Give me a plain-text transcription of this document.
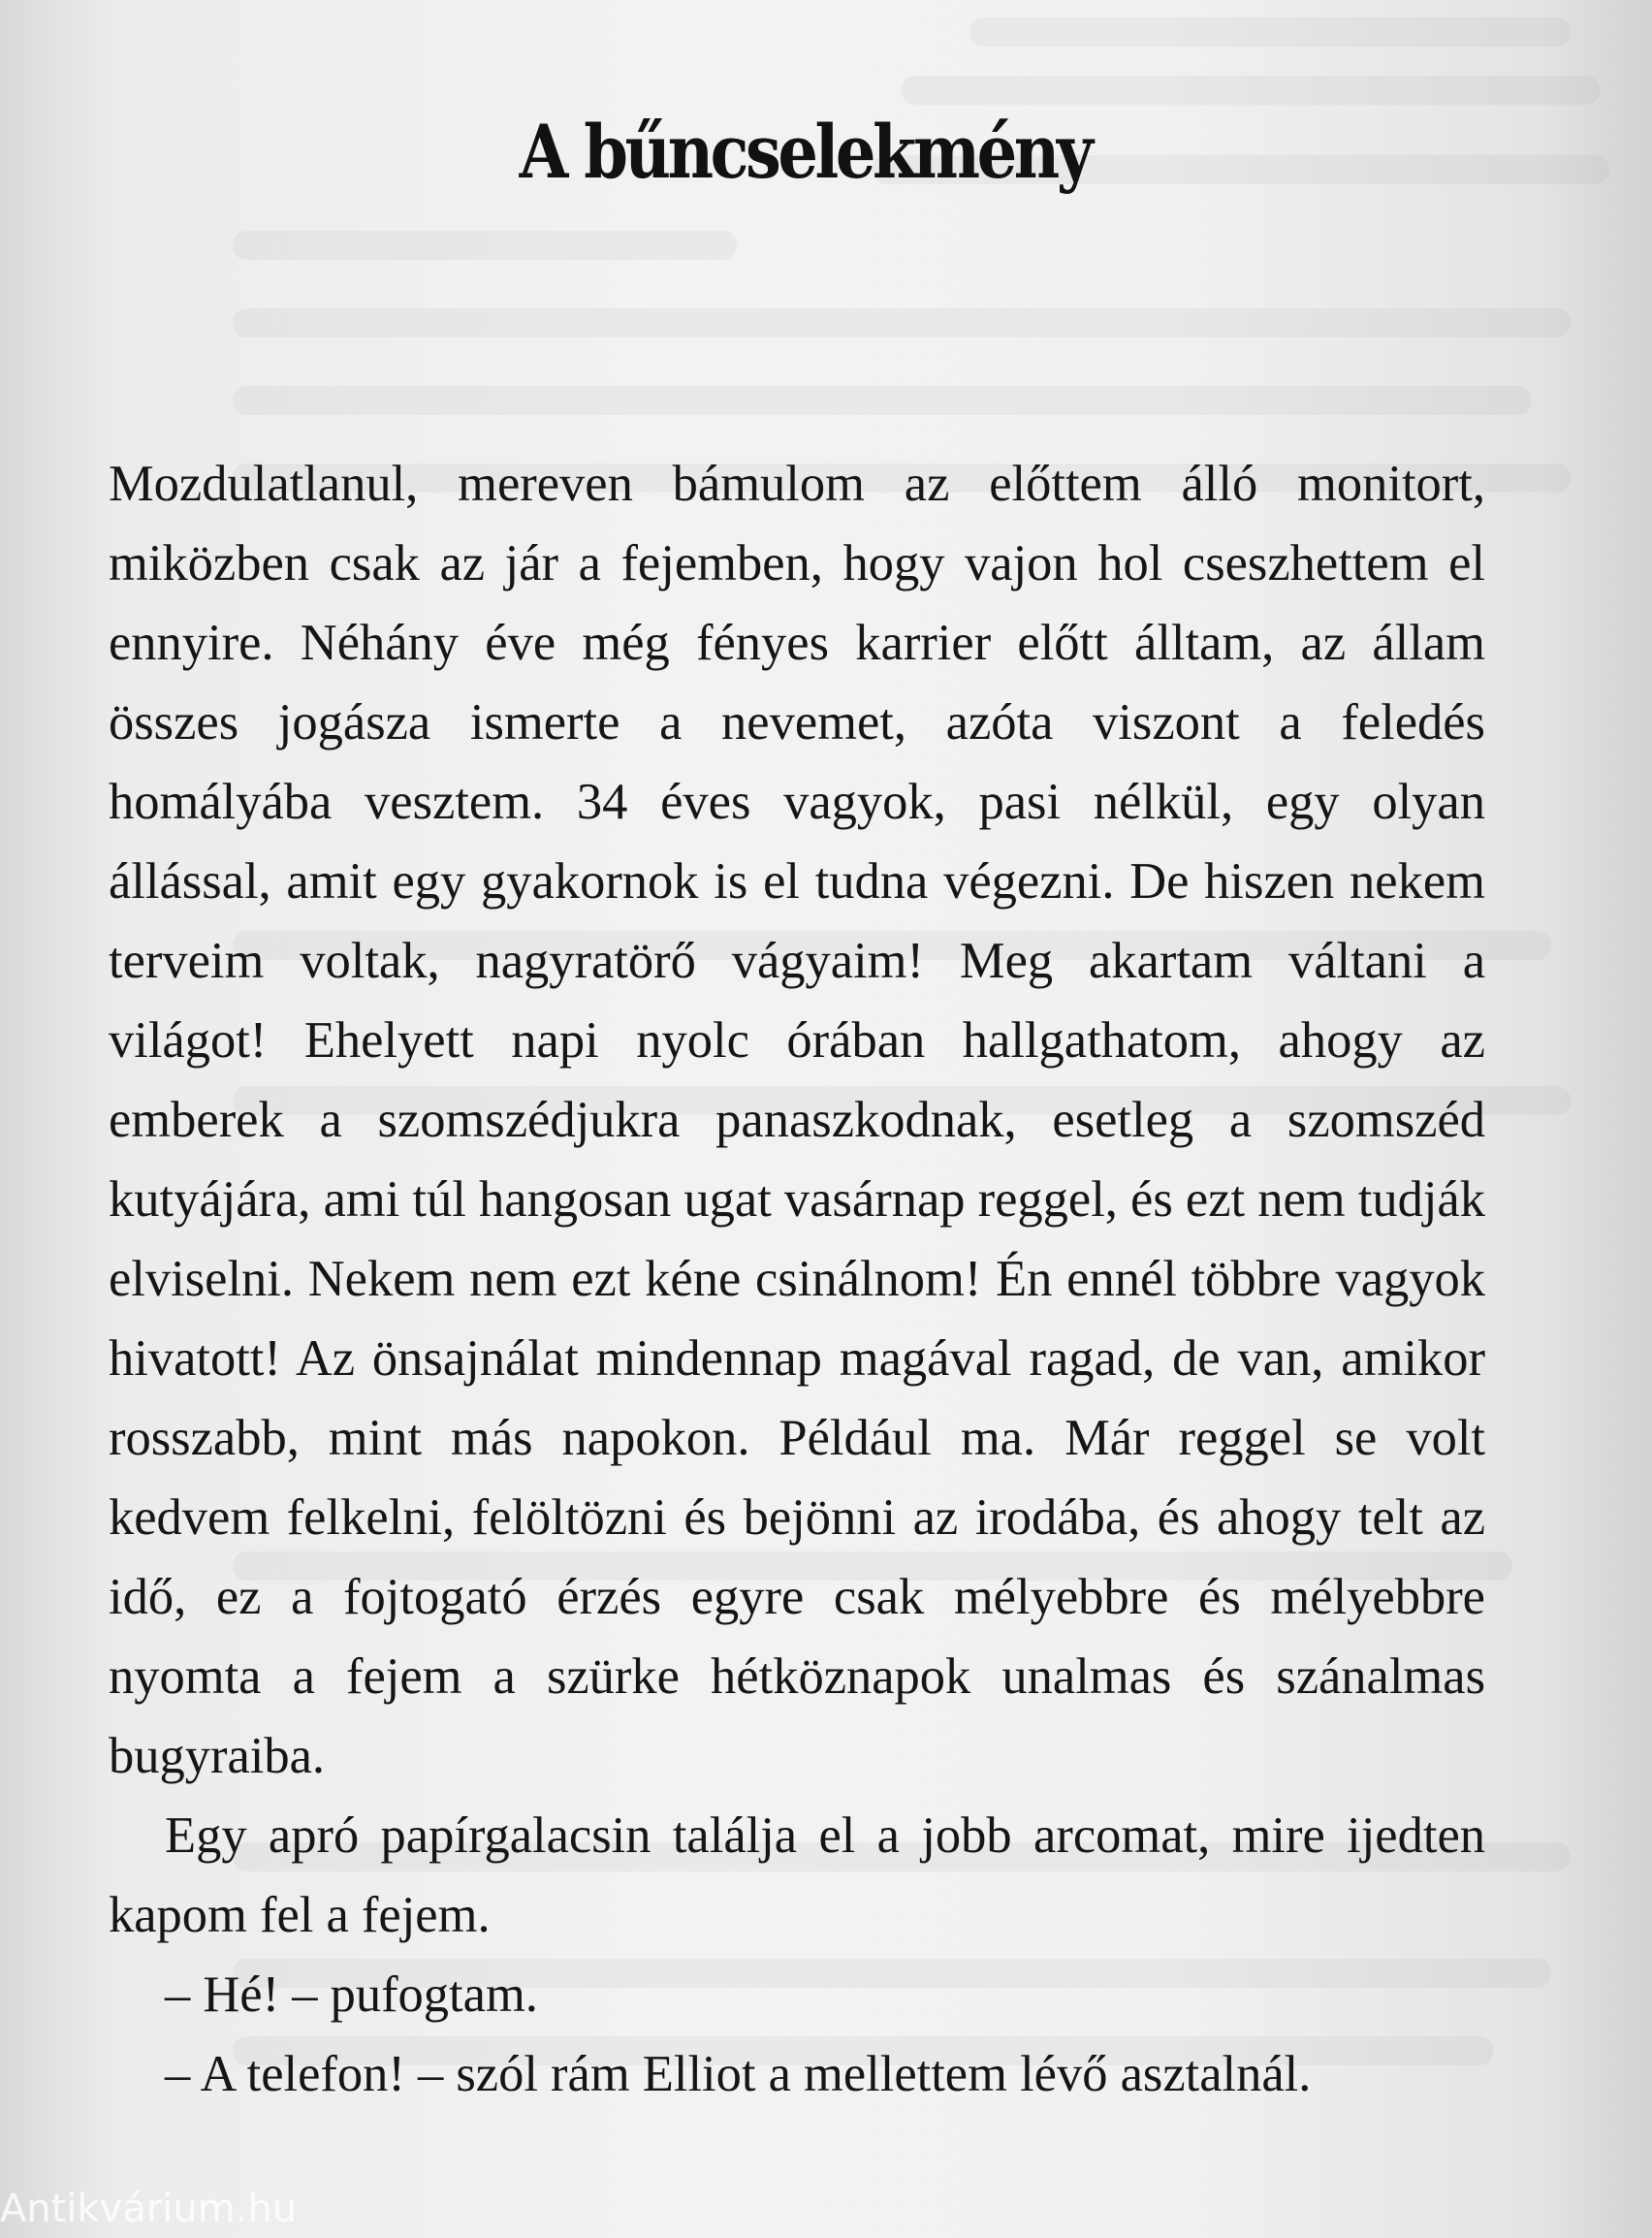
A bűncselekmény

Mozdulatlanul, mereven bámulom az előttem álló monitort, miközben csak az jár a fejemben, hogy vajon hol cseszhettem el ennyire. Néhány éve még fényes karrier előtt álltam, az állam összes jogásza ismerte a nevemet, azóta viszont a feledés homályába vesztem. 34 éves vagyok, pasi nélkül, egy olyan állással, amit egy gyakornok is el tudna végezni. De hiszen nekem terveim voltak, nagyratörő vágyaim! Meg akartam váltani a világot! Ehelyett napi nyolc órában hallgathatom, ahogy az emberek a szomszédjukra panaszkodnak, esetleg a szomszéd kutyájára, ami túl hangosan ugat vasárnap reggel, és ezt nem tudják elviselni. Nekem nem ezt kéne csinálnom! Én ennél többre vagyok hivatott! Az önsajnálat mindennap magával ragad, de van, amikor rosszabb, mint más napokon. Például ma. Már reggel se volt kedvem felkelni, felöltözni és bejönni az irodába, és ahogy telt az idő, ez a fojtogató érzés egyre csak mélyebbre és mélyebbre nyomta a fejem a szürke hétköznapok unalmas és szánalmas bugyraiba.

Egy apró papírgalacsin találja el a jobb arcomat, mire ijedten kapom fel a fejem.

– Hé! – pufogtam.

– A telefon! – szól rám Elliot a mellettem lévő asztalnál.

Antikvárium.hu
